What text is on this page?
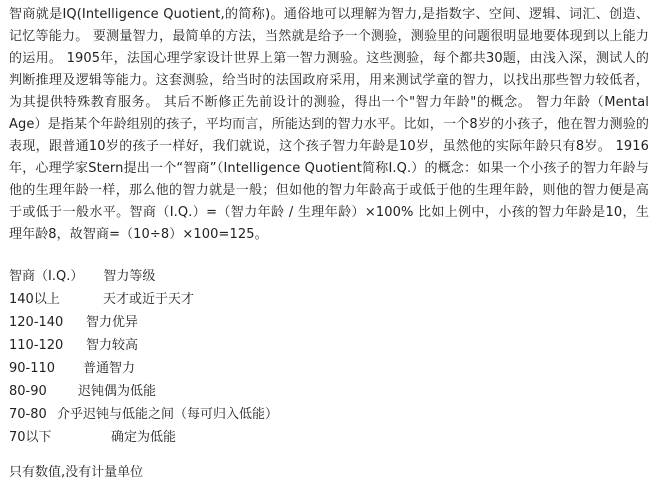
智商就是IQ(Intelligence Quotient,的简称)。通俗地可以理解为智力,是指数字、空间、逻辑、词汇、创造、记忆等能力。 要测量智力，最简单的方法，当然就是给予一个测验，测验里的问题很明显地要体现到以上能力的运用。 1905年，法国心理学家设计世界上第一智力测验。这些测验，每个都共30题，由浅入深，测试人的判断推理及逻辑等能力。这套测验，给当时的法国政府采用，用来测试学童的智力，以找出那些智力较低者，为其提供特殊教育服务。 其后不断修正先前设计的测验，得出一个"智力年龄"的概念。 智力年龄（Mental Age）是指某个年龄组别的孩子，平均而言，所能达到的智力水平。比如，一个8岁的小孩子，他在智力测验的表现，跟普通10岁的孩子一样好，我们就说，这个孩子智力年龄是10岁，虽然他的实际年龄只有8岁。 1916年，心理学家Stern提出一个“智商”（Intelligence Quotient简称I.Q.）的概念：如果一个小孩子的智力年龄与他的生理年龄一样，那么他的智力就是一般；但如他的智力年龄高于或低于他的生理年龄，则他的智力便是高于或低于一般水平。智商（I.Q.）=（智力年龄 / 生理年龄）×100% 比如上例中，小孩的智力年龄是10，生理年龄8，故智商=（10÷8）×100=125。
智商（I.Q.） 智力等级
140以上	天才或近于天才
120-140 智力优异
110-120 智力较高
90-110 普通智力
80-90 迟钝偶为低能
70-80 介乎迟钝与低能之间（每可归入低能）
70以下	确定为低能
只有数值,没有计量单位
